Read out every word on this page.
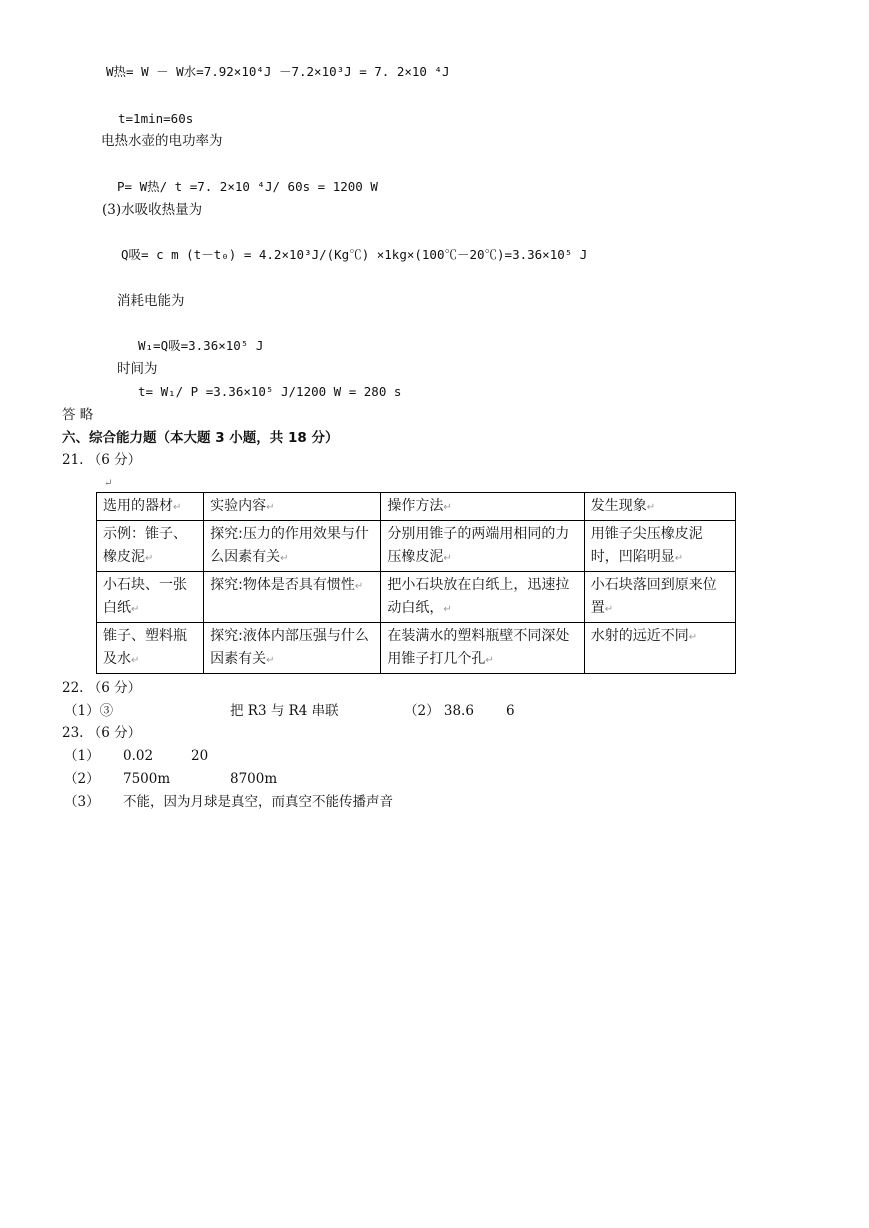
W热= W － W水=7.92×10⁴J －7.2×10³J = 7. 2×10 ⁴J
t=1min=60s
电热水壶的电功率为
P= W热/ t =7. 2×10 ⁴J/ 60s = 1200 W
(3)水吸收热量为
Q吸= c m (t－t₀) = 4.2×10³J/(Kg℃) ×1kg×(100℃－20℃)=3.36×10⁵ J
消耗电能为
W₁=Q吸=3.36×10⁵ J
时间为
t= W₁/ P =3.36×10⁵ J/1200 W = 280 s
答 略
六、综合能力题（本大题 3 小题，共 18 分）
21. （6 分）
↵
选用的器材↵	实验内容↵	操作方法↵	发生现象↵
示例：锥子、橡皮泥↵	探究:压力的作用效果与什么因素有关↵	分别用锥子的两端用相同的力压橡皮泥↵	用锥子尖压橡皮泥时，凹陷明显↵
小石块、一张白纸↵	探究:物体是否具有惯性↵	把小石块放在白纸上，迅速拉动白纸，↵	小石块落回到原来位置↵
锥子、塑料瓶及水↵	探究:液体内部压强与什么因素有关↵	在装满水的塑料瓶壁不同深处用锥子打几个孔↵	水射的远近不同↵
22. （6 分）
（1）③	把 R3 与 R4 串联	（2） 38.6 6
23. （6 分）
（1） 0.02	20
（2） 7500m	8700m
（3） 不能，因为月球是真空，而真空不能传播声音
